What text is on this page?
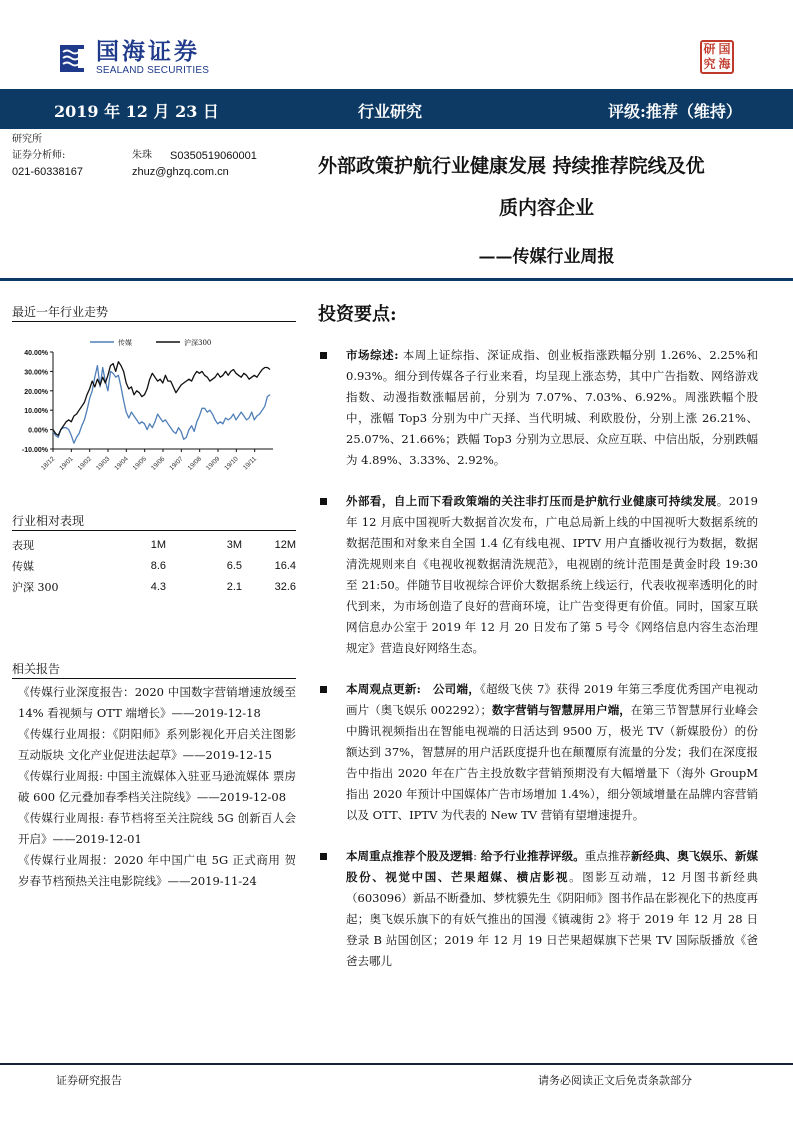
国海证券
SEALAND SECURITIES
研 国
究 海
2019 年 12 月 23 日	行业研究	评级:推荐（维持）
研究所
证券分析师:	朱珠	S0350519060001
021-60338167	zhuz@ghzq.com.cn	外部政策护航行业健康发展 持续推荐院线及优
质内容企业
——传媒行业周报
最近一年行业走势
40.00%
30.00%
20.00%
10.00%
0.00%
-10.00%
18/12 19/01 19/02 19/03 19/04 19/05 19/06 19/07 19/08 19/09 19/10 19/11
传媒	沪深300
行业相对表现
表现	1M	3M	12M
传媒	8.6	6.5	16.4
沪深 300	4.3	2.1	32.6
相关报告
《传媒行业深度报告：2020 中国数字营销增速放缓至 14% 看视频与 OTT 端增长》——2019-12-18
《传媒行业周报：《阴阳师》系列影视化开启关注图影互动版块 文化产业促进法起草》——2019-12-15
《传媒行业周报: 中国主流媒体入驻亚马逊流媒体 票房破 600 亿元叠加春季档关注院线》——2019-12-08
《传媒行业周报: 春节档将至关注院线 5G 创新百人会开启》——2019-12-01
《传媒行业周报：2020 年中国广电 5G 正式商用 贺岁春节档预热关注电影院线》——2019-11-24
投资要点:
市场综述: 本周上证综指、深证成指、创业板指涨跌幅分别 1.26%、2.25%和 0.93%。细分到传媒各子行业来看，均呈现上涨态势，其中广告指数、网络游戏指数、动漫指数涨幅居前，分别为 7.07%、7.03%、6.92%。周涨跌幅个股中，涨幅 Top3 分别为中广天择、当代明城、利欧股份，分别上涨 26.21%、25.07%、21.66%；跌幅 Top3 分别为立思辰、众应互联、中信出版，分别跌幅为 4.89%、3.33%、2.92%。
外部看，自上而下看政策端的关注非打压而是护航行业健康可持续发展。2019 年 12 月底中国视听大数据首次发布，广电总局新上线的中国视听大数据系统的数据范围和对象来自全国 1.4 亿有线电视、IPTV 用户直播收视行为数据，数据清洗规则来自《电视收视数据清洗规范》，电视剧的统计范围是黄金时段 19:30 至 21:50。伴随节目收视综合评价大数据系统上线运行，代表收视率透明化的时代到来，为市场创造了良好的营商环境，让广告变得更有价值。同时，国家互联网信息办公室于 2019 年 12 月 20 日发布了第 5 号令《网络信息内容生态治理规定》营造良好网络生态。
本周观点更新:　公司端，《超级飞侠 7》获得 2019 年第三季度优秀国产电视动画片（奥飞娱乐 002292）；数字营销与智慧屏用户端，在第三节智慧屏行业峰会中腾讯视频指出在智能电视端的日活达到 9500 万，极光 TV（新媒股份）的份额达到 37%，智慧屏的用户活跃度提升也在颠覆原有流量的分发；我们在深度报告中指出 2020 年在广告主投放数字营销预期没有大幅增量下（海外 GroupM 指出 2020 年预计中国媒体广告市场增加 1.4%），细分领域增量在品牌内容营销以及 OTT、IPTV 为代表的 New TV 营销有望增速提升。
本周重点推荐个股及逻辑: 给予行业推荐评级。重点推荐新经典、奥飞娱乐、新媒股份、视觉中国、芒果超媒、横店影视。图影互动端，12 月图书新经典（603096）新品不断叠加、梦枕貘先生《阴阳师》图书作品在影视化下的热度再起；奥飞娱乐旗下的有妖气推出的国漫《镇魂街 2》将于 2019 年 12 月 28 日登录 B 站国创区；2019 年 12 月 19 日芒果超媒旗下芒果 TV 国际版播放《爸爸去哪儿
证券研究报告	请务必阅读正文后免责条款部分
